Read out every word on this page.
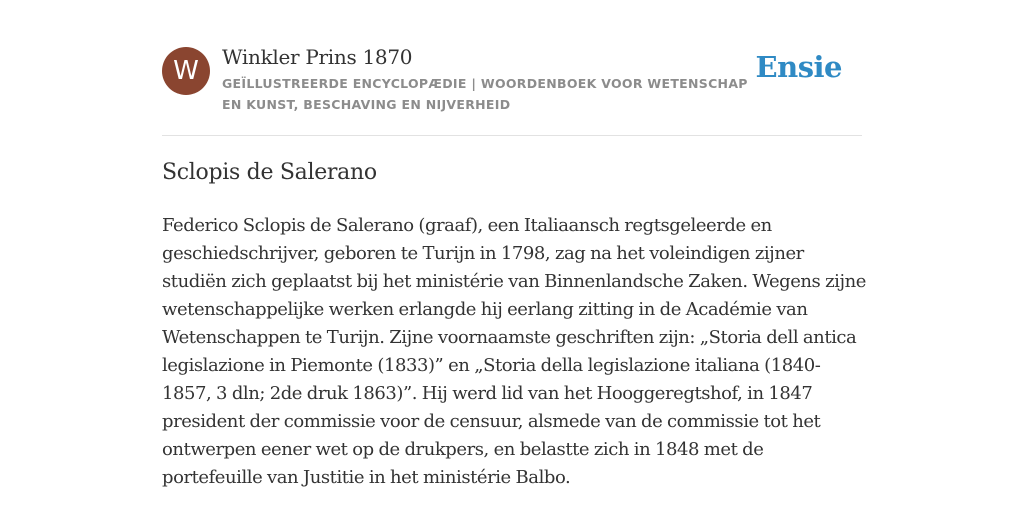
W	Winkler Prins 1870
GEÏLLUSTREERDE ENCYCLOPÆDIE | WOORDENBOEK VOOR WETENSCHAP EN KUNST, BESCHAVING EN NIJVERHEID
Ensie
Sclopis de Salerano

Federico Sclopis de Salerano (graaf), een Italiaansch regtsgeleerde en geschiedschrijver, geboren te Turijn in 1798, zag na het voleindigen zijner studiën zich geplaatst bij het ministérie van Binnenlandsche Zaken. Wegens zijne wetenschappelijke werken erlangde hij eerlang zitting in de Académie van Wetenschappen te Turijn. Zijne voornaamste geschriften zijn: „Storia dell antica legislazione in Piemonte (1833)” en „Storia della legislazione italiana (1840-1857, 3 dln; 2de druk 1863)”. Hij werd lid van het Hooggeregtshof, in 1847 president der commissie voor de censuur, alsmede van de commissie tot het ontwerpen eener wet op de drukpers, en belastte zich in 1848 met de portefeuille van Justitie in het ministérie Balbo.
